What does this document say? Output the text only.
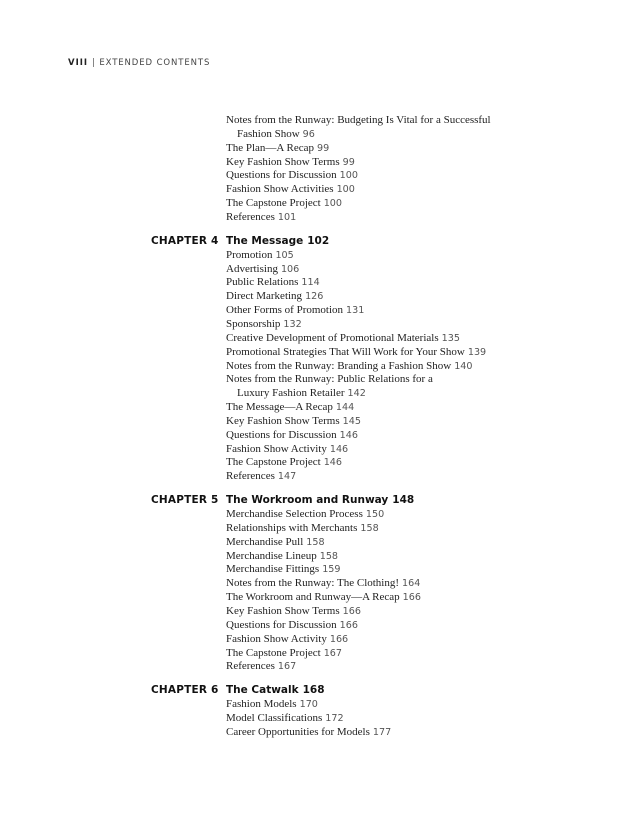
VIII | EXTENDED CONTENTS
Notes from the Runway: Budgeting Is Vital for a Successful
Fashion Show 96
The Plan—A Recap 99
Key Fashion Show Terms 99
Questions for Discussion 100
Fashion Show Activities 100
The Capstone Project 100
References 101
CHAPTER 4 The Message 102
Promotion 105
Advertising 106
Public Relations 114
Direct Marketing 126
Other Forms of Promotion 131
Sponsorship 132
Creative Development of Promotional Materials 135
Promotional Strategies That Will Work for Your Show 139
Notes from the Runway: Branding a Fashion Show 140
Notes from the Runway: Public Relations for a
Luxury Fashion Retailer 142
The Message—A Recap 144
Key Fashion Show Terms 145
Questions for Discussion 146
Fashion Show Activity 146
The Capstone Project 146
References 147
CHAPTER 5 The Workroom and Runway 148
Merchandise Selection Process 150
Relationships with Merchants 158
Merchandise Pull 158
Merchandise Lineup 158
Merchandise Fittings 159
Notes from the Runway: The Clothing! 164
The Workroom and Runway—A Recap 166
Key Fashion Show Terms 166
Questions for Discussion 166
Fashion Show Activity 166
The Capstone Project 167
References 167
CHAPTER 6 The Catwalk 168
Fashion Models 170
Model Classifications 172
Career Opportunities for Models 177
